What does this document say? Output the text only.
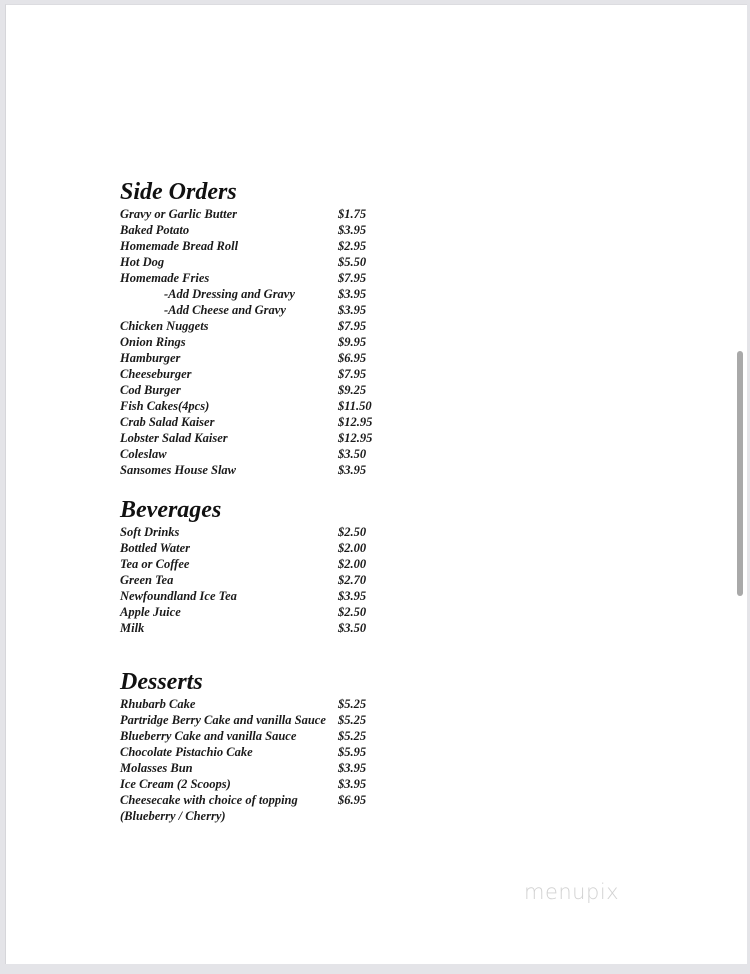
Side Orders
Gravy or Garlic Butter	$1.75
Baked Potato	$3.95
Homemade Bread Roll	$2.95
Hot Dog	$5.50
Homemade Fries	$7.95
-Add Dressing and Gravy	$3.95
-Add Cheese and Gravy	$3.95
Chicken Nuggets	$7.95
Onion Rings	$9.95
Hamburger	$6.95
Cheeseburger	$7.95
Cod Burger	$9.25
Fish Cakes(4pcs)	$11.50
Crab Salad Kaiser	$12.95
Lobster Salad Kaiser	$12.95
Coleslaw	$3.50
Sansomes House Slaw	$3.95
Beverages
Soft Drinks	$2.50
Bottled Water	$2.00
Tea or Coffee	$2.00
Green Tea	$2.70
Newfoundland Ice Tea	$3.95
Apple Juice	$2.50
Milk	$3.50
Desserts
Rhubarb Cake	$5.25
Partridge Berry Cake and vanilla Sauce $5.25
Blueberry Cake and vanilla Sauce	$5.25
Chocolate Pistachio Cake	$5.95
Molasses Bun	$3.95
Ice Cream (2 Scoops)	$3.95
Cheesecake with choice of topping	$6.95
(Blueberry / Cherry)
menupix
